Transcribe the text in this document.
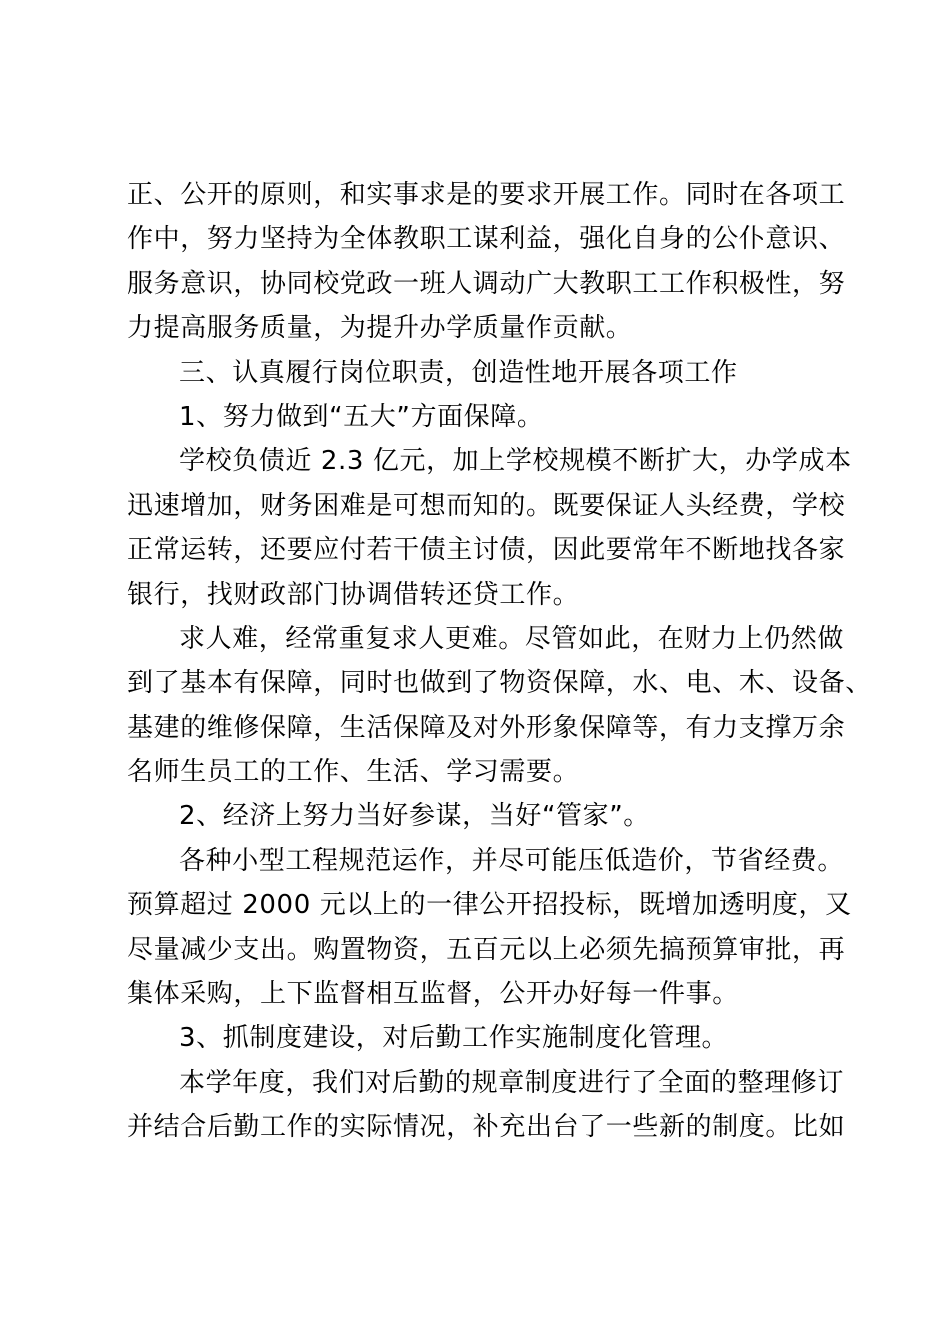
正、公开的原则，和实事求是的要求开展工作。同时在各项工
作中，努力坚持为全体教职工谋利益，强化自身的公仆意识、
服务意识，协同校党政一班人调动广大教职工工作积极性，努
力提高服务质量，为提升办学质量作贡献。
三、认真履行岗位职责，创造性地开展各项工作
1、努力做到“五大”方面保障。
学校负债近 2.3 亿元，加上学校规模不断扩大，办学成本
迅速增加，财务困难是可想而知的。既要保证人头经费，学校
正常运转，还要应付若干债主讨债，因此要常年不断地找各家
银行，找财政部门协调借转还贷工作。
求人难，经常重复求人更难。尽管如此，在财力上仍然做
到了基本有保障，同时也做到了物资保障，水、电、木、设备、
基建的维修保障，生活保障及对外形象保障等，有力支撑万余
名师生员工的工作、生活、学习需要。
2、经济上努力当好参谋，当好“管家”。
各种小型工程规范运作，并尽可能压低造价，节省经费。
预算超过 2000 元以上的一律公开招投标，既增加透明度，又
尽量减少支出。购置物资，五百元以上必须先搞预算审批，再
集体采购，上下监督相互监督，公开办好每一件事。
3、抓制度建设，对后勤工作实施制度化管理。
本学年度，我们对后勤的规章制度进行了全面的整理修订
并结合后勤工作的实际情况，补充出台了一些新的制度。比如
